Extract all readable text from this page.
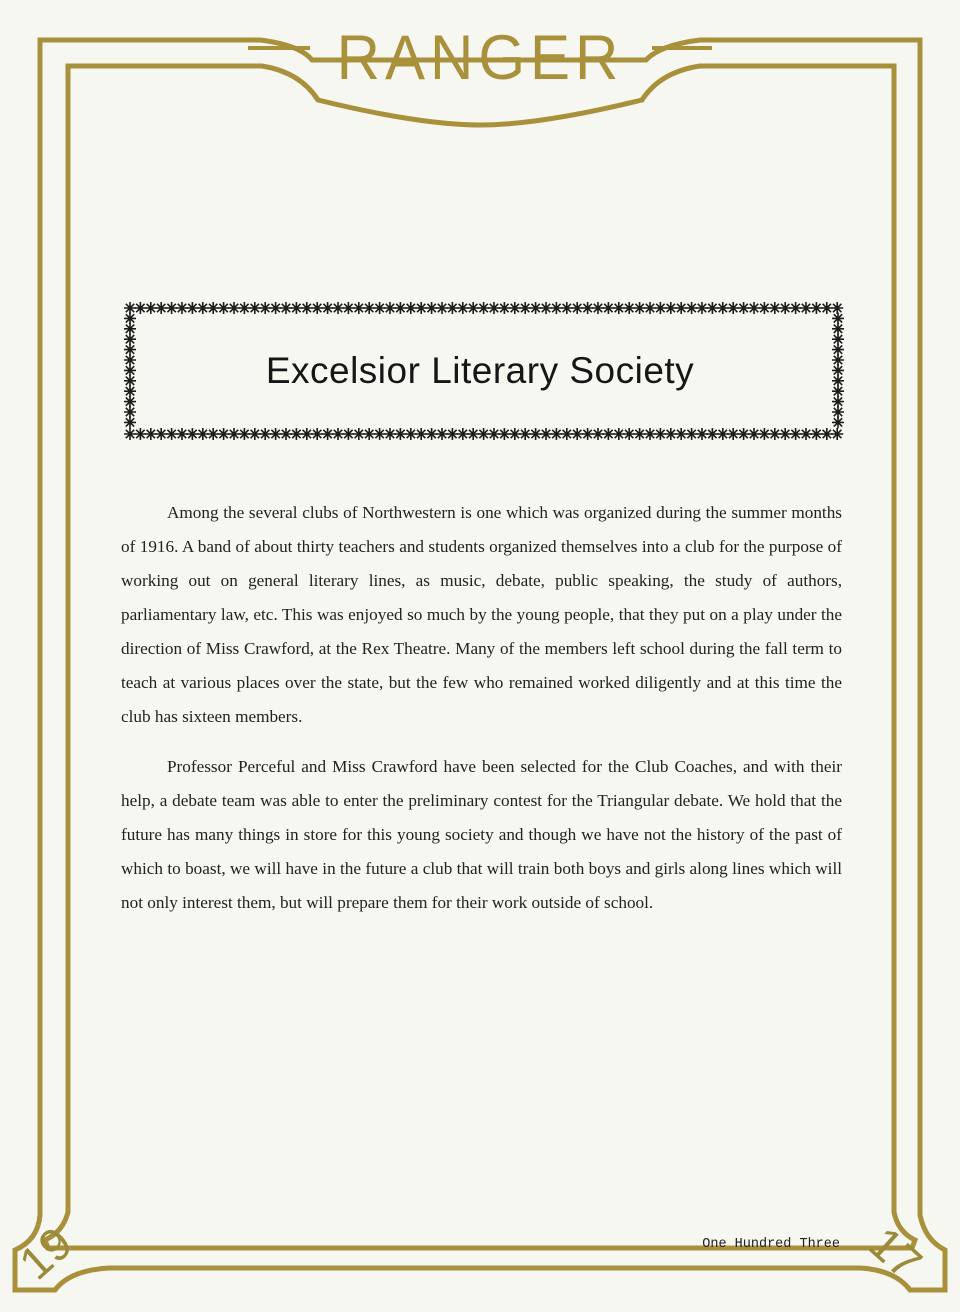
RANGER
Excelsior Literary Society

Among the several clubs of Northwestern is one which was organized during the summer months of 1916. A band of about thirty teachers and students organized themselves into a club for the purpose of working out on general literary lines, as music, debate, public speaking, the study of authors, parliamentary law, etc. This was enjoyed so much by the young people, that they put on a play under the direction of Miss Crawford, at the Rex Theatre. Many of the members left school during the fall term to teach at various places over the state, but the few who remained worked diligently and at this time the club has sixteen members.

Professor Perceful and Miss Crawford have been selected for the Club Coaches, and with their help, a debate team was able to enter the preliminary contest for the Triangular debate. We hold that the future has many things in store for this young society and though we have not the history of the past of which to boast, we will have in the future a club that will train both boys and girls along lines which will not only interest them, but will prepare them for their work outside of school.

One Hundred Three
19	17
